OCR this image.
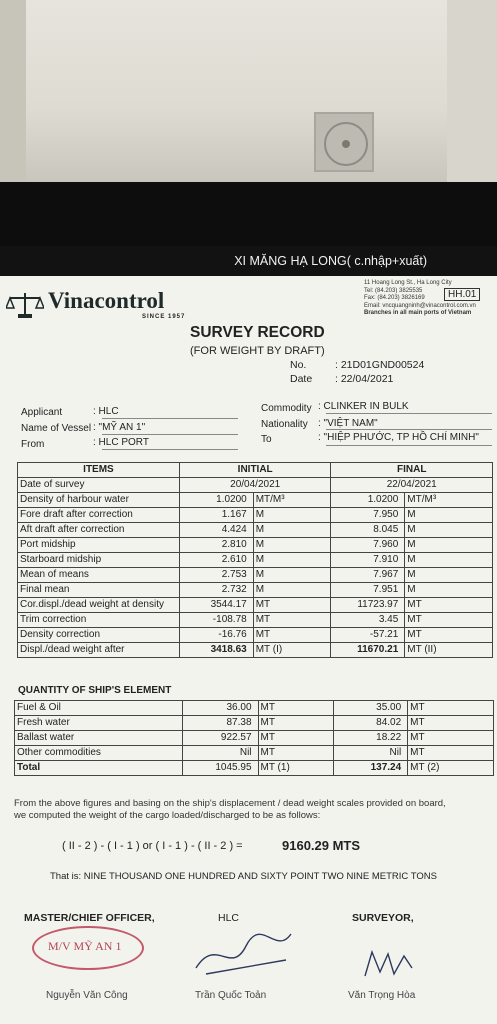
XI MĂNG HẠ LONG( c.nhập+xuất)
Vinacontrol
SINCE 1957
11 Hoang Long St., Ha Long City
Tel: (84.203) 3825535
Fax: (84.203) 3826169
Email: vncquangninh@vinacontrol.com.vn
Branches in all main ports of Vietnam
HH.01
SURVEY RECORD
(FOR WEIGHT BY DRAFT)
No.	: 21D01GND00524
Date : 22/04/2021
Applicant	: HLC
Name of Vessel : "MỸ AN 1"
From	: HLC PORT
Commodity : CLINKER IN BULK
Nationality : "VIỆT NAM"
To	: "HIỆP PHƯỚC, TP HỒ CHÍ MINH"
ITEMS	INITIAL		FINAL	
Date of survey	20/04/2021		22/04/2021	
Density of harbour water	1.0200	MT/M³	1.0200	MT/M³
Fore draft after correction	1.167	M	7.950	M
Aft draft after correction	4.424	M	8.045	M
Port midship	2.810	M	7.960	M
Starboard midship	2.610	M	7.910	M
Mean of means	2.753	M	7.967	M
Final mean	2.732	M	7.951	M
Cor.displ./dead weight at density	3544.17	MT	11723.97	MT
Trim correction	-108.78	MT	3.45	MT
Density correction	-16.76	MT	-57.21	MT
Displ./dead weight after	3418.63	MT (I)	11670.21	MT (II)
QUANTITY OF SHIP'S ELEMENT
Fuel & Oil	36.00	MT	35.00	MT
Fresh water	87.38	MT	84.02	MT
Ballast water	922.57	MT	18.22	MT
Other commodities	Nil	MT	Nil	MT
Total	1045.95	MT (1)	137.24	MT (2)
From the above figures and basing on the ship's displacement / dead weight scales provided on board,
we computed the weight of the cargo loaded/discharged to be as follows:
( II - 2 ) - ( I - 1 ) or ( I - 1 ) - ( II - 2 ) =	9160.29 MTS
That is: NINE THOUSAND ONE HUNDRED AND SIXTY POINT TWO NINE METRIC TONS
MASTER/CHIEF OFFICER,	HLC	SURVEYOR,
M/V MỸ AN 1
Nguyễn Văn Công	Trần Quốc Toản	Văn Trọng Hòa
